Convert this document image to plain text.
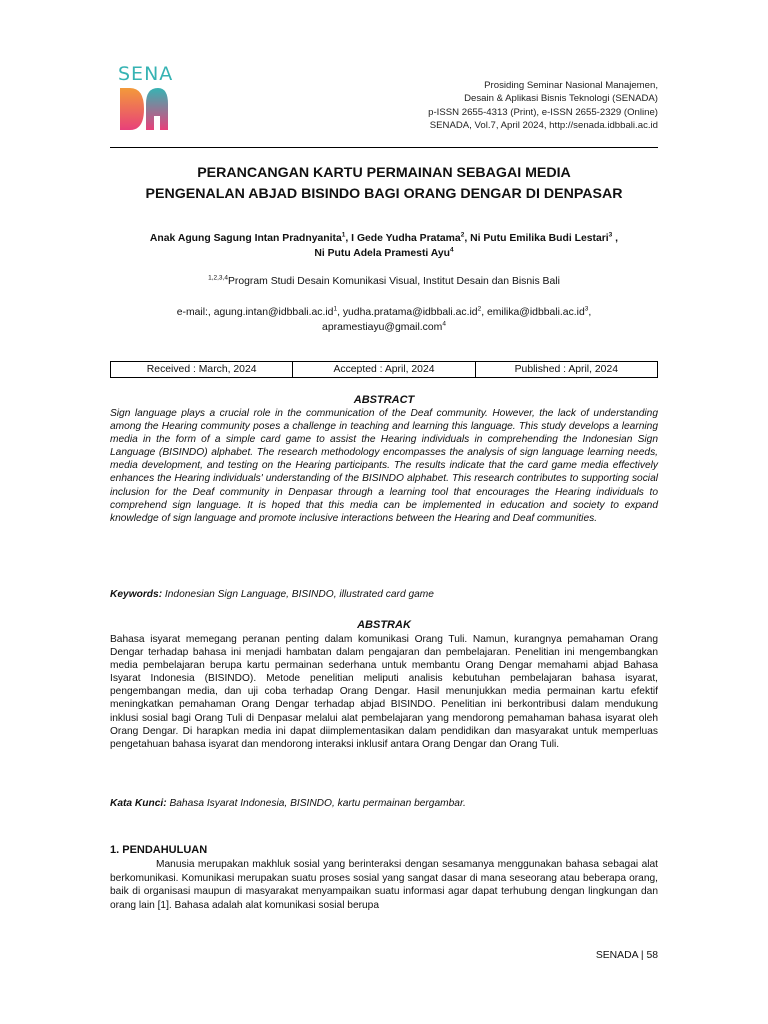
SENA
Prosiding Seminar Nasional Manajemen,
Desain & Aplikasi Bisnis Teknologi (SENADA)
p-ISSN 2655-4313 (Print), e-ISSN 2655-2329 (Online)
SENADA, Vol.7, April 2024, http://senada.idbbali.ac.id
PERANCANGAN KARTU PERMAINAN SEBAGAI MEDIA
PENGENALAN ABJAD BISINDO BAGI ORANG DENGAR DI DENPASAR
Anak Agung Sagung Intan Pradnyanita$^1$, I Gede Yudha Pratama$^2$, Ni Putu Emilika Budi Lestari$^3$ ,
Ni Putu Adela Pramesti Ayu$^4$
$^{1,2,3,4}$Program Studi Desain Komunikasi Visual, Institut Desain dan Bisnis Bali
e-mail:, $agung.intan@idbbali.ac.id^1$, $yudha.pratama@idbbali.ac.id^2$, $emilika@idbbali.ac.id^3$,
apramestiayu@gmail.com$^4$
Received : March, 2024	Accepted : April, 2024	Published : April, 2024
ABSTRACT

Sign language plays a crucial role in the communication of the Deaf community. However, the lack of understanding among the Hearing community poses a challenge in teaching and learning this language. This study develops a learning media in the form of a simple card game to assist the Hearing individuals in comprehending the Indonesian Sign Language (BISINDO) alphabet. The research methodology encompasses the analysis of sign language learning needs, media development, and testing on the Hearing participants. The results indicate that the card game media effectively enhances the Hearing individuals' understanding of the BISINDO alphabet. This research contributes to supporting social inclusion for the Deaf community in Denpasar through a learning tool that encourages the Hearing individuals to comprehend sign language. It is hoped that this media can be implemented in education and society to expand knowledge of sign language and promote inclusive interactions between the Hearing and Deaf communities.

Keywords: Indonesian Sign Language, BISINDO, illustrated card game
ABSTRAK

Bahasa isyarat memegang peranan penting dalam komunikasi Orang Tuli. Namun, kurangnya pemahaman Orang Dengar terhadap bahasa ini menjadi hambatan dalam pengajaran dan pembelajaran. Penelitian ini mengembangkan media pembelajaran berupa kartu permainan sederhana untuk membantu Orang Dengar memahami abjad Bahasa Isyarat Indonesia (BISINDO). Metode penelitian meliputi analisis kebutuhan pembelajaran bahasa isyarat, pengembangan media, dan uji coba terhadap Orang Dengar. Hasil menunjukkan media permainan kartu efektif meningkatkan pemahaman Orang Dengar terhadap abjad BISINDO. Penelitian ini berkontribusi dalam mendukung inklusi sosial bagi Orang Tuli di Denpasar melalui alat pembelajaran yang mendorong pemahaman bahasa isyarat oleh Orang Dengar. Di harapkan media ini dapat diimplementasikan dalam pendidikan dan masyarakat untuk memperluas pengetahuan bahasa isyarat dan mendorong interaksi inklusif antara Orang Dengar dan Orang Tuli.

Kata Kunci: Bahasa Isyarat Indonesia, BISINDO, kartu permainan bergambar.
1. PENDAHULUAN

Manusia merupakan makhluk sosial yang berinteraksi dengan sesamanya menggunakan bahasa sebagai alat berkomunikasi. Komunikasi merupakan suatu proses sosial yang sangat dasar di mana seseorang atau beberapa orang, baik di organisasi maupun di masyarakat menyampaikan suatu informasi agar dapat terhubung dengan lingkungan dan orang lain [1]. Bahasa adalah alat komunikasi sosial berupa

SENADA | 58
